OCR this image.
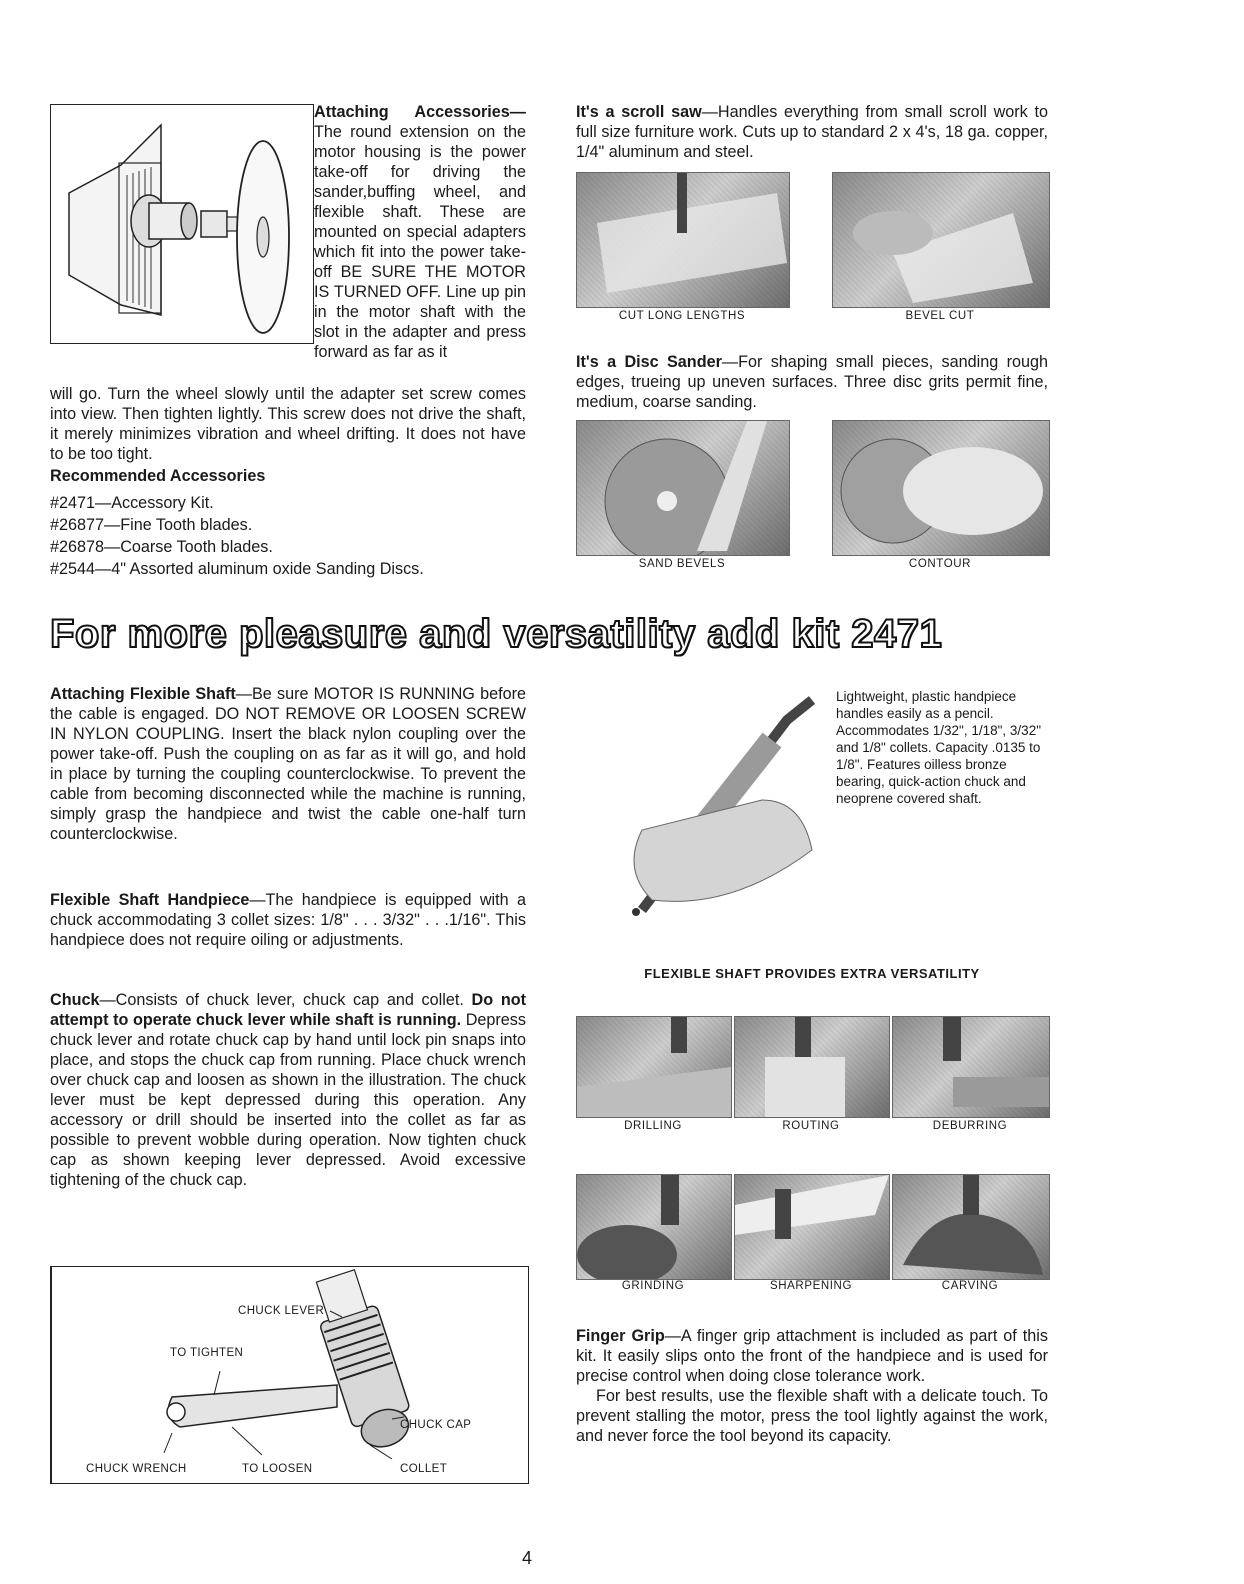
Attaching Accessories— The round extension on the motor housing is the power take-off for driving the sander,buffing wheel, and flexible shaft. These are mounted on special adapters which fit into the power take-off BE SURE THE MOTOR IS TURNED OFF. Line up pin in the motor shaft with the slot in the adapter and press forward as far as it

will go. Turn the wheel slowly until the adapter set screw comes into view. Then tighten lightly. This screw does not drive the shaft, it merely minimizes vibration and wheel drifting. It does not have to be too tight.

Recommended Accessories

#2471—Accessory Kit.

#26877—Fine Tooth blades.

#26878—Coarse Tooth blades.

#2544—4" Assorted aluminum oxide Sanding Discs.

It's a scroll saw—Handles everything from small scroll work to full size furniture work. Cuts up to standard 2 x 4's, 18 ga. copper, 1/4" aluminum and steel.

CUT LONG LENGTHS	BEVEL CUT

It's a Disc Sander—For shaping small pieces, sanding rough edges, trueing up uneven surfaces. Three disc grits permit fine, medium, coarse sanding.

SAND BEVELS	CONTOUR
For more pleasure and versatility add kit 2471

Attaching Flexible Shaft—Be sure MOTOR IS RUNNING before the cable is engaged. DO NOT REMOVE OR LOOSEN SCREW IN NYLON COUPLING. Insert the black nylon coupling over the power take-off. Push the coupling on as far as it will go, and hold in place by turning the coupling counterclockwise. To prevent the cable from becoming disconnected while the machine is running, simply grasp the handpiece and twist the cable one-half turn counterclockwise.

Flexible Shaft Handpiece—The handpiece is equipped with a chuck accommodating 3 collet sizes: 1/8" . . . 3/32" . . .1/16". This handpiece does not require oiling or adjustments.

Chuck—Consists of chuck lever, chuck cap and collet. Do not attempt to operate chuck lever while shaft is running. Depress chuck lever and rotate chuck cap by hand until lock pin snaps into place, and stops the chuck cap from running. Place chuck wrench over chuck cap and loosen as shown in the illustration. The chuck lever must be kept depressed during this operation. Any accessory or drill should be inserted into the collet as far as possible to prevent wobble during operation. Now tighten chuck cap as shown keeping lever depressed. Avoid excessive tightening of the chuck cap.

CHUCK LEVER
TO TIGHTEN
CHUCK CAP
CHUCK WRENCH	TO LOOSEN	COLLET

Lightweight, plastic handpiece handles easily as a pencil. Accommodates 1/32", 1/18", 3/32" and 1/8" collets. Capacity .0135 to 1/8". Features oilless bronze bearing, quick-action chuck and neoprene covered shaft.

FLEXIBLE SHAFT PROVIDES EXTRA VERSATILITY
DRILLING	ROUTING	DEBURRING
GRINDING	SHARPENING	CARVING

Finger Grip—A finger grip attachment is included as part of this kit. It easily slips onto the front of the handpiece and is used for precise control when doing close tolerance work.

For best results, use the flexible shaft with a delicate touch. To prevent stalling the motor, press the tool lightly against the work, and never force the tool beyond its capacity.

4
